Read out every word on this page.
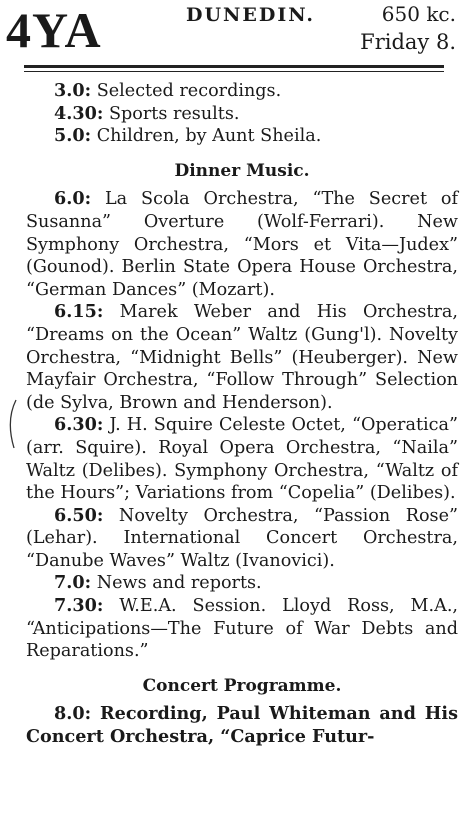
4YA	DUNEDIN.	650 kc.
Friday 8.
3.0: Selected recordings.
4.30: Sports results.
5.0: Children, by Aunt Sheila.
Dinner Music.

6.0: La Scola Orchestra, “The Secret of Susanna” Overture (Wolf-Ferrari). New Symphony Orchestra, “Mors et Vita—Judex” (Gounod). Berlin State Opera House Orchestra, “German Dances” (Mozart).

6.15: Marek Weber and His Orchestra, “Dreams on the Ocean” Waltz (Gung'l). Novelty Orchestra, “Midnight Bells” (Heuberger). New Mayfair Orchestra, “Follow Through” Selection (de Sylva, Brown and Henderson).

6.30: J. H. Squire Celeste Octet, “Operatica” (arr. Squire). Royal Opera Orchestra, “Naila” Waltz (Delibes). Symphony Orchestra, “Waltz of the Hours”; Variations from “Copelia” (Delibes).

6.50: Novelty Orchestra, “Passion Rose” (Lehar). International Concert Orchestra, “Danube Waves” Waltz (Ivanovici).

7.0: News and reports.

7.30: W.E.A. Session. Lloyd Ross, M.A., “Anticipations—The Future of War Debts and Reparations.”

Concert Programme.

8.0: Recording, Paul Whiteman and His Concert Orchestra, “Caprice Futur-
